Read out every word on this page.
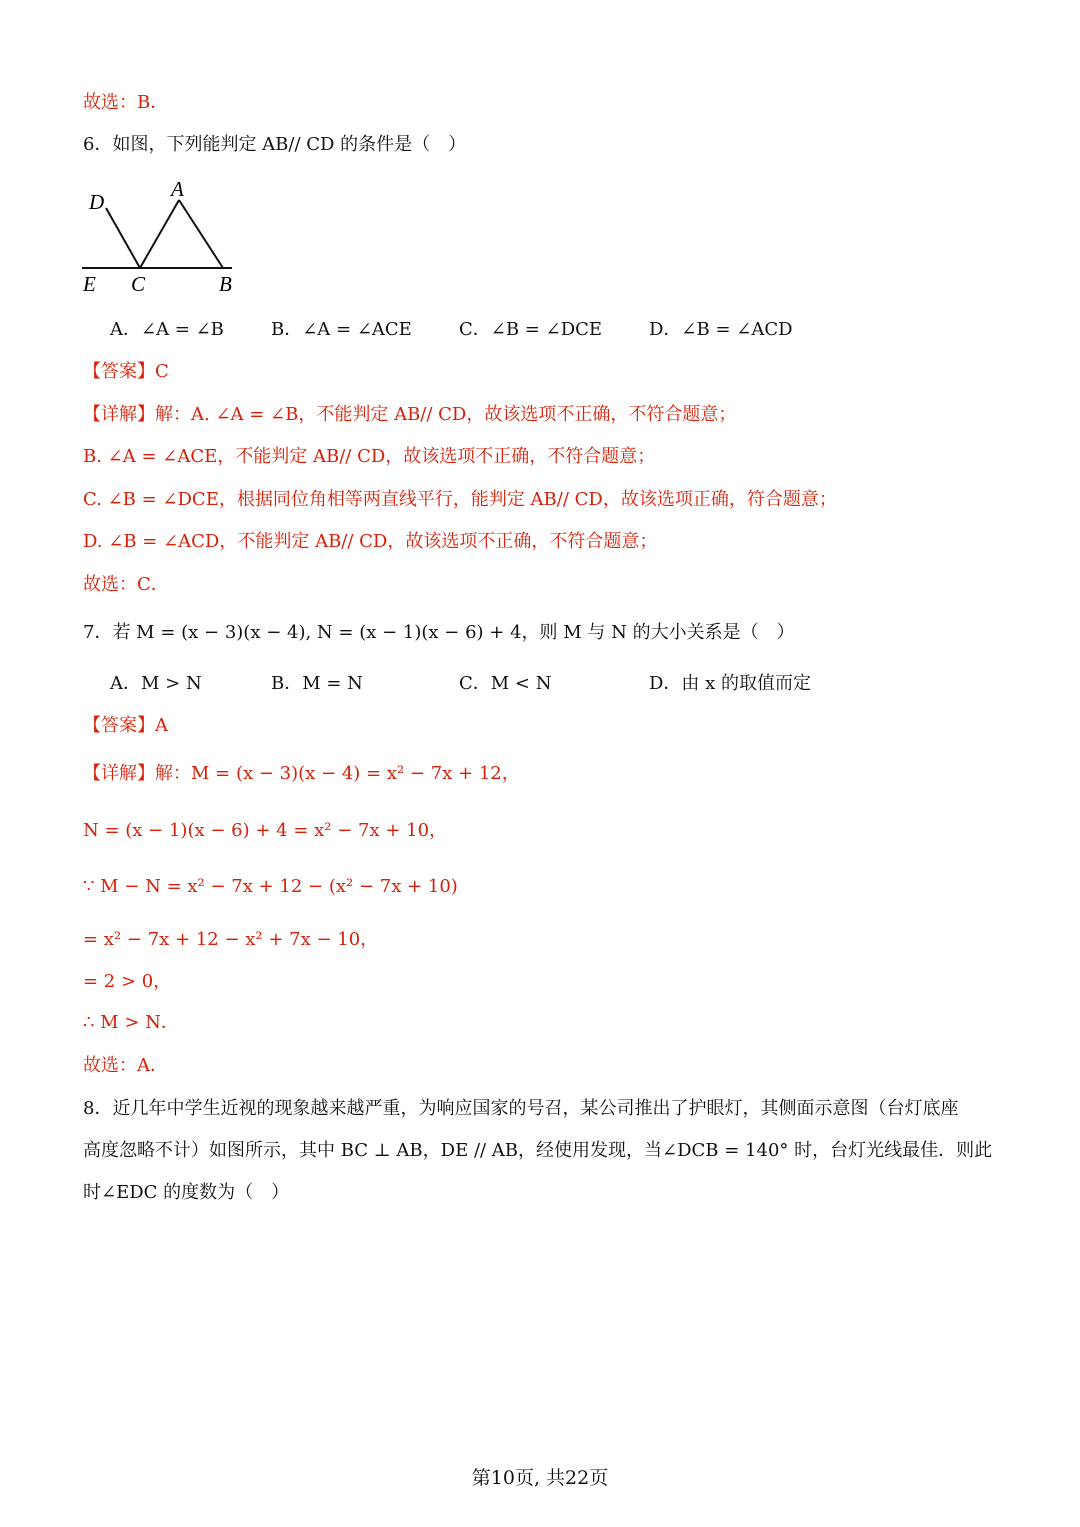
故选：B．
6．如图，下列能判定 AB// CD 的条件是（　）
D
A
E C	B
A．∠A = ∠B	B．∠A = ∠ACE	C．∠B = ∠DCE	D．∠B = ∠ACD
【答案】C
【详解】解：A. ∠A = ∠B，不能判定 AB// CD，故该选项不正确，不符合题意；
B. ∠A = ∠ACE，不能判定 AB// CD，故该选项不正确，不符合题意；
C. ∠B = ∠DCE，根据同位角相等两直线平行，能判定 AB// CD，故该选项正确，符合题意；
D. ∠B = ∠ACD，不能判定 AB// CD，故该选项不正确，不符合题意；
故选：C．
7．若 M = (x − 3)(x − 4), N = (x − 1)(x − 6) + 4，则 M 与 N 的大小关系是（　）
A．M > N	B．M = N	C．M < N	D．由 x 的取值而定
【答案】A
【详解】解：M = (x − 3)(x − 4) = x² − 7x + 12，
N = (x − 1)(x − 6) + 4 = x² − 7x + 10，
∵ M − N = x² − 7x + 12 − (x² − 7x + 10)
= x² − 7x + 12 − x² + 7x − 10，
= 2 > 0，
∴ M > N．
故选：A．
8．近几年中学生近视的现象越来越严重，为响应国家的号召，某公司推出了护眼灯，其侧面示意图（台灯底座
高度忽略不计）如图所示，其中 BC ⊥ AB，DE // AB，经使用发现，当∠DCB = 140° 时，台灯光线最佳．则此
时∠EDC 的度数为（　）
第10页, 共22页
